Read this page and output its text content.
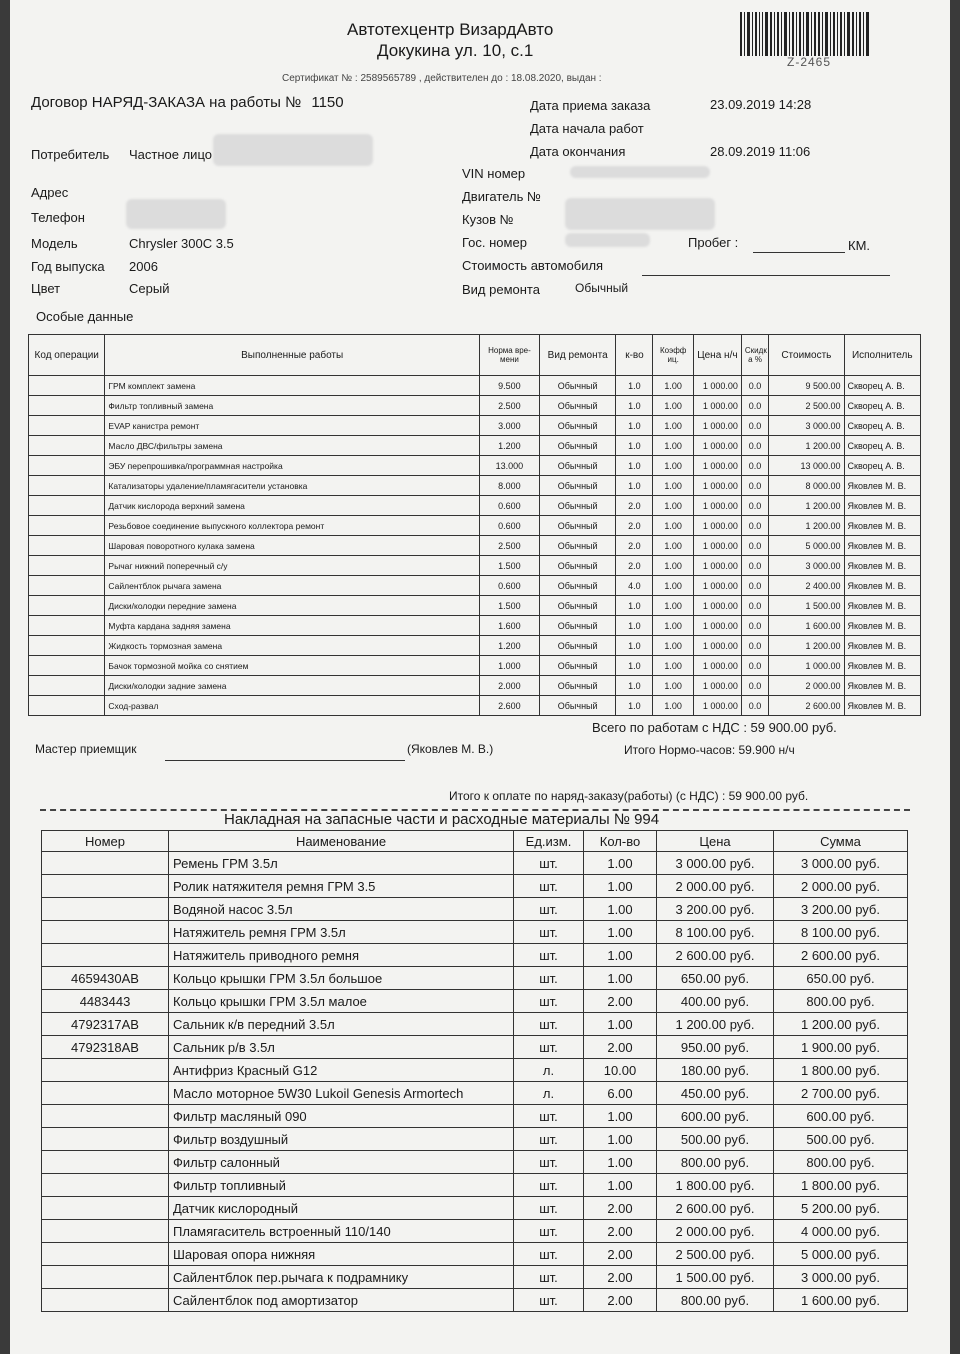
Автотехцентр ВизардАвто
Докукина ул. 10, с.1
Сертификат № : 2589565789 , действителен до : 18.08.2020, выдан :
Z-2465
Договор НАРЯД-ЗАКАЗА на работы № 1150	Дата приема заказа	23.09.2019 14:28
Дата начала работ
Дата окончания	28.09.2019 11:06
Потребитель Частное лицо
VIN номер
Адрес	Двигатель №
Телефон	Кузов №
Модель	Chrysler 300C 3.5	Гос. номер	Пробег :	КМ.
Год выпуска 2006	Стоимость автомобиля
Цвет	Серый	Вид ремонта	Обычный
Особые данные
Код операции	Выполненные работы	Норма вре- мени	Вид ремонта	к-во	Коэфф иц.	Цена н/ч	Скидк а %	Стоимость	Исполнитель
	ГРМ комплект замена	9.500	Обычный	1.0	1.00	1 000.00	0.0	9 500.00	Скворец А. В.
	Фильтр топливный замена	2.500	Обычный	1.0	1.00	1 000.00	0.0	2 500.00	Скворец А. В.
	EVAP канистра ремонт	3.000	Обычный	1.0	1.00	1 000.00	0.0	3 000.00	Скворец А. В.
	Масло ДВС/фильтры замена	1.200	Обычный	1.0	1.00	1 000.00	0.0	1 200.00	Скворец А. В.
	ЭБУ перепрошивка/программная настройка	13.000	Обычный	1.0	1.00	1 000.00	0.0	13 000.00	Скворец А. В.
	Катализаторы удаление/пламягасители установка	8.000	Обычный	1.0	1.00	1 000.00	0.0	8 000.00	Яковлев М. В.
	Датчик кислорода верхний замена	0.600	Обычный	2.0	1.00	1 000.00	0.0	1 200.00	Яковлев М. В.
	Резьбовое соединение выпускного коллектора ремонт	0.600	Обычный	2.0	1.00	1 000.00	0.0	1 200.00	Яковлев М. В.
	Шаровая поворотного кулака замена	2.500	Обычный	2.0	1.00	1 000.00	0.0	5 000.00	Яковлев М. В.
	Рычаг нижний поперечный с/у	1.500	Обычный	2.0	1.00	1 000.00	0.0	3 000.00	Яковлев М. В.
	Сайлентблок рычага замена	0.600	Обычный	4.0	1.00	1 000.00	0.0	2 400.00	Яковлев М. В.
	Диски/колодки передние замена	1.500	Обычный	1.0	1.00	1 000.00	0.0	1 500.00	Яковлев М. В.
	Муфта кардана задняя замена	1.600	Обычный	1.0	1.00	1 000.00	0.0	1 600.00	Яковлев М. В.
	Жидкость тормозная замена	1.200	Обычный	1.0	1.00	1 000.00	0.0	1 200.00	Яковлев М. В.
	Бачок тормозной мойка со снятием	1.000	Обычный	1.0	1.00	1 000.00	0.0	1 000.00	Яковлев М. В.
	Диски/колодки задние замена	2.000	Обычный	1.0	1.00	1 000.00	0.0	2 000.00	Яковлев М. В.
	Сход-развал	2.600	Обычный	1.0	1.00	1 000.00	0.0	2 600.00	Яковлев М. В.
Всего по работам с НДС : 59 900.00 руб.
Мастер приемщик	(Яковлев М. В.)	Итого Нормо-часов: 59.900 н/ч
Итого к оплате по наряд-заказу(работы) (с НДС) : 59 900.00 руб.
Накладная на запасные части и расходные материалы № 994
Номер	Наименование	Ед.изм.	Кол-во	Цена	Сумма
	Ремень ГРМ 3.5л	шт.	1.00	3 000.00 руб.	3 000.00 руб.
	Ролик натяжителя ремня ГРМ 3.5	шт.	1.00	2 000.00 руб.	2 000.00 руб.
	Водяной насос 3.5л	шт.	1.00	3 200.00 руб.	3 200.00 руб.
	Натяжитель ремня ГРМ 3.5л	шт.	1.00	8 100.00 руб.	8 100.00 руб.
	Натяжитель приводного ремня	шт.	1.00	2 600.00 руб.	2 600.00 руб.
4659430AB	Кольцо крышки ГРМ 3.5л большое	шт.	1.00	650.00 руб.	650.00 руб.
4483443	Кольцо крышки ГРМ 3.5л малое	шт.	2.00	400.00 руб.	800.00 руб.
4792317AB	Сальник к/в передний 3.5л	шт.	1.00	1 200.00 руб.	1 200.00 руб.
4792318AB	Сальник р/в 3.5л	шт.	2.00	950.00 руб.	1 900.00 руб.
	Антифриз Красный G12	л.	10.00	180.00 руб.	1 800.00 руб.
	Масло моторное 5W30 Lukoil Genesis Armortech	л.	6.00	450.00 руб.	2 700.00 руб.
	Фильтр масляный 090	шт.	1.00	600.00 руб.	600.00 руб.
	Фильтр воздушный	шт.	1.00	500.00 руб.	500.00 руб.
	Фильтр салонный	шт.	1.00	800.00 руб.	800.00 руб.
	Фильтр топливный	шт.	1.00	1 800.00 руб.	1 800.00 руб.
	Датчик кислородный	шт.	2.00	2 600.00 руб.	5 200.00 руб.
	Пламягаситель встроенный 110/140	шт.	2.00	2 000.00 руб.	4 000.00 руб.
	Шаровая опора нижняя	шт.	2.00	2 500.00 руб.	5 000.00 руб.
	Сайлентблок пер.рычага к подрамнику	шт.	2.00	1 500.00 руб.	3 000.00 руб.
	Сайлентблок под амортизатор	шт.	2.00	800.00 руб.	1 600.00 руб.
